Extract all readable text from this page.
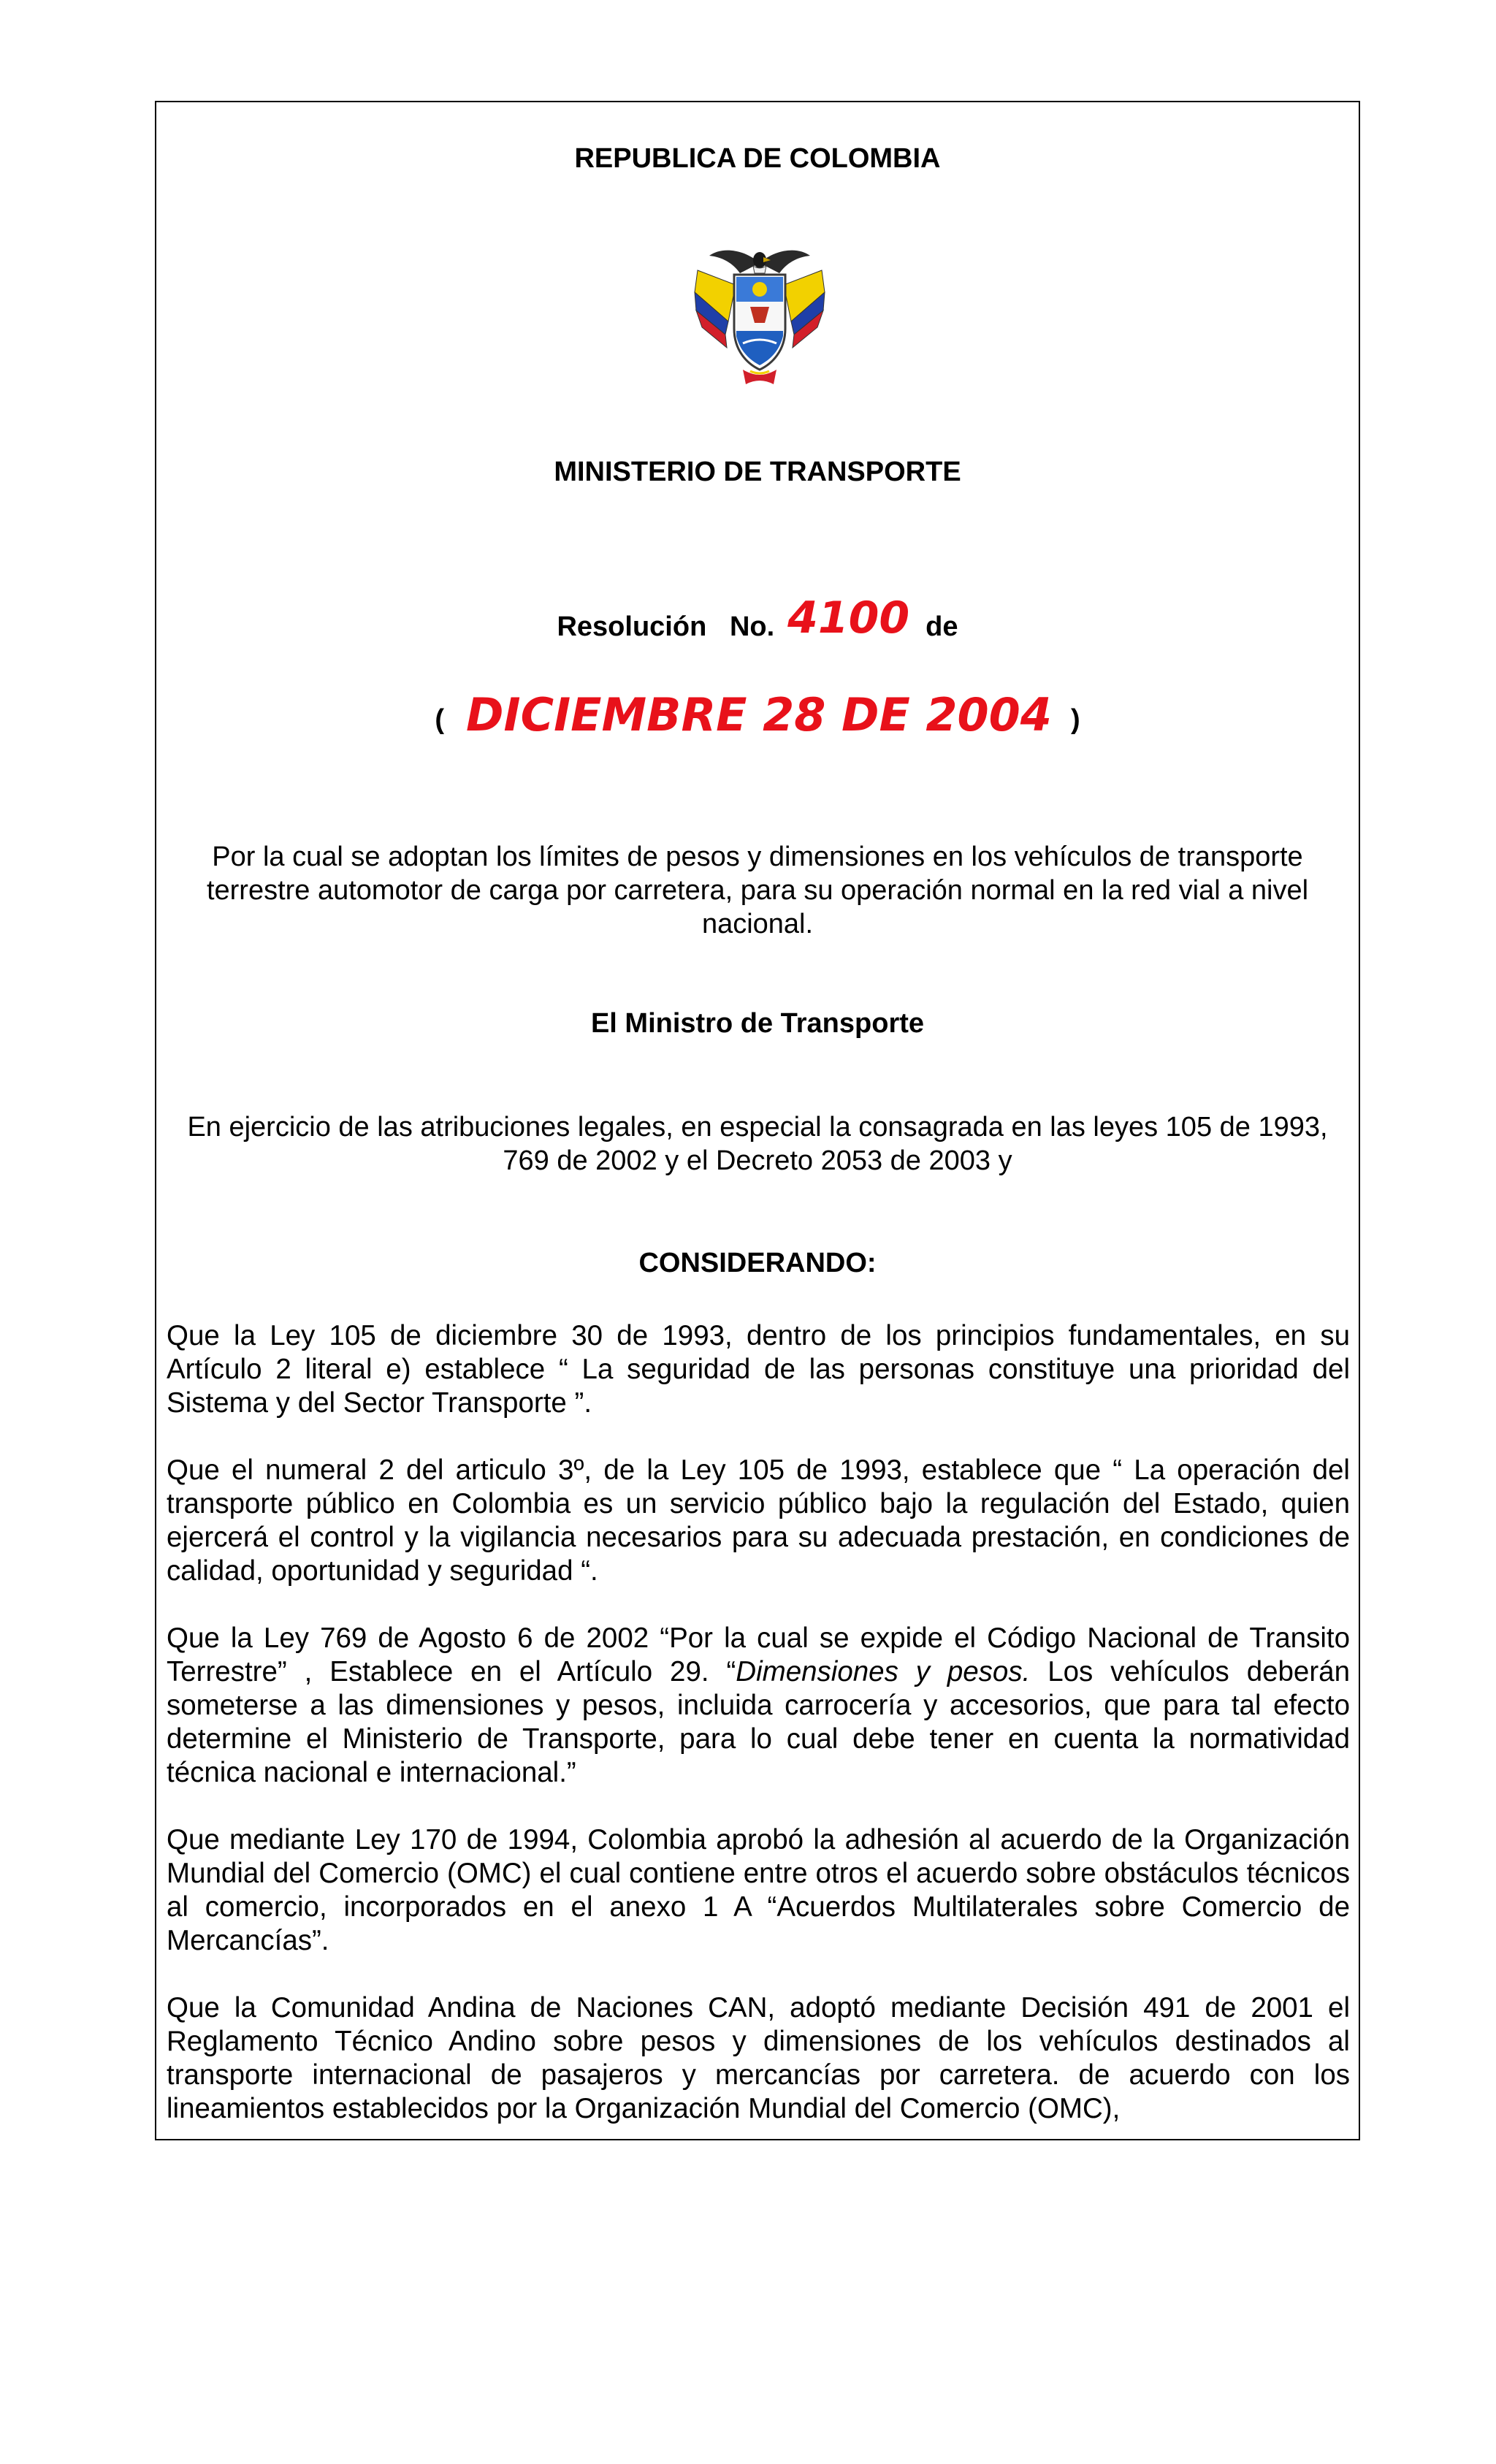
REPUBLICA DE COLOMBIA
MINISTERIO DE TRANSPORTE
Resolución   No. 4100 de
( DICIEMBRE 28 DE 2004 )
Por la cual se adoptan los límites de pesos y dimensiones en los vehículos de transporte terrestre automotor de carga por carretera, para su operación normal en la red vial a nivel nacional.
El Ministro de Transporte
En ejercicio de las atribuciones legales, en especial la consagrada en las leyes 105 de 1993, 769 de 2002 y el Decreto 2053 de 2003 y
CONSIDERANDO:

Que la Ley 105 de diciembre 30 de 1993, dentro de los principios fundamentales, en su Artículo 2 literal e) establece “ La seguridad de las personas constituye una prioridad del Sistema y del Sector Transporte ”.

Que el numeral 2 del articulo 3º, de la Ley 105 de 1993, establece que “ La operación del transporte público en Colombia es un servicio público bajo la regulación del Estado, quien ejercerá el control y la vigilancia necesarios para su adecuada prestación, en condiciones de calidad, oportunidad y seguridad “.

Que la Ley 769 de Agosto 6 de 2002 “Por la cual se expide el Código Nacional de Transito Terrestre” , Establece en el Artículo 29. “Dimensiones y pesos. Los vehículos deberán someterse a las dimensiones y pesos, incluida carrocería y accesorios, que para tal efecto determine el Ministerio de Transporte, para lo cual debe tener en cuenta la normatividad técnica nacional e internacional.”

Que mediante Ley 170 de 1994, Colombia aprobó la adhesión al acuerdo de la Organización Mundial del Comercio (OMC) el cual contiene entre otros el acuerdo sobre obstáculos técnicos al comercio, incorporados en el anexo 1 A “Acuerdos Multilaterales sobre Comercio de Mercancías”.

Que la Comunidad Andina de Naciones CAN, adoptó mediante Decisión 491 de 2001 el Reglamento Técnico Andino sobre pesos y dimensiones de los vehículos destinados al transporte internacional de pasajeros y mercancías por carretera. de acuerdo con los lineamientos establecidos por la Organización Mundial del Comercio (OMC),
